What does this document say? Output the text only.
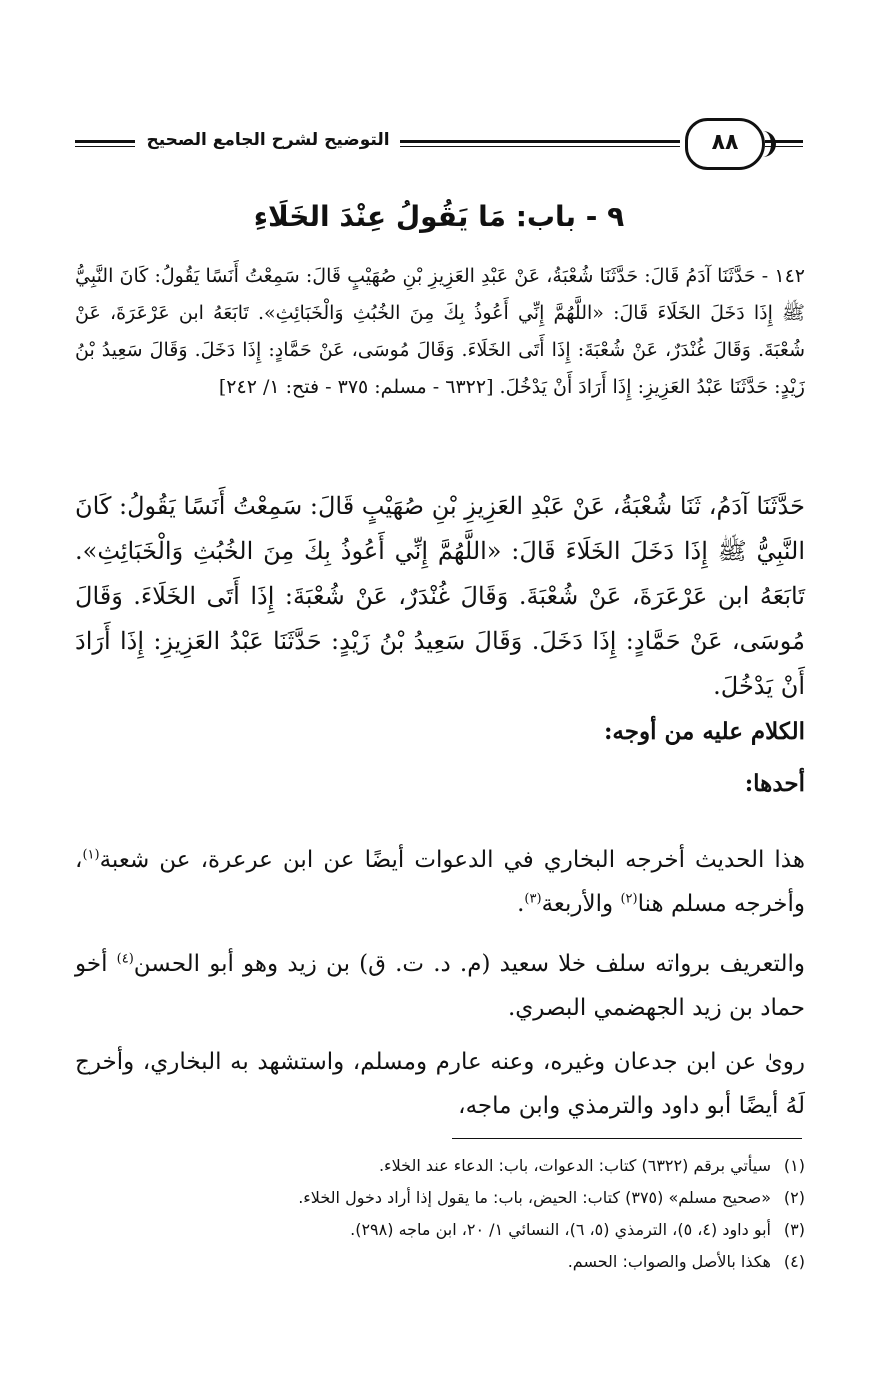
التوضيح لشرح الجامع الصحيح	٨٨
٩ - باب: مَا يَقُولُ عِنْدَ الخَلَاءِ
١٤٢ - حَدَّثَنَا آدَمُ قَالَ: حَدَّثَنَا شُعْبَةُ، عَنْ عَبْدِ العَزِيزِ بْنِ صُهَيْبٍ قَالَ: سَمِعْتُ أَنَسًا يَقُولُ: كَانَ النَّبِيُّ ﷺ إِذَا دَخَلَ الخَلَاءَ قَالَ: «اللَّهُمَّ إِنِّي أَعُوذُ بِكَ مِنَ الخُبُثِ وَالْخَبَائِثِ». تَابَعَهُ ابن عَرْعَرَةَ، عَنْ شُعْبَةَ. وَقَالَ غُنْدَرٌ، عَنْ شُعْبَةَ: إِذَا أَتَى الخَلَاءَ. وَقَالَ مُوسَى، عَنْ حَمَّادٍ: إِذَا دَخَلَ. وَقَالَ سَعِيدُ بْنُ زَيْدٍ: حَدَّثَنَا عَبْدُ العَزِيزِ: إِذَا أَرَادَ أَنْ يَدْخُلَ. [٦٣٢٢ - مسلم: ٣٧٥ - فتح: ١/ ٢٤٢]
حَدَّثَنَا آدَمُ، ثَنَا شُعْبَةُ، عَنْ عَبْدِ العَزِيزِ بْنِ صُهَيْبٍ قَالَ: سَمِعْتُ أَنَسًا يَقُولُ: كَانَ النَّبِيُّ ﷺ إِذَا دَخَلَ الخَلَاءَ قَالَ: «اللَّهُمَّ إِنِّي أَعُوذُ بِكَ مِنَ الخُبُثِ وَالْخَبَائِثِ». تَابَعَهُ ابن عَرْعَرَةَ، عَنْ شُعْبَةَ. وَقَالَ غُنْدَرٌ، عَنْ شُعْبَةَ: إِذَا أَتَى الخَلَاءَ. وَقَالَ مُوسَى، عَنْ حَمَّادٍ: إِذَا دَخَلَ. وَقَالَ سَعِيدُ بْنُ زَيْدٍ: حَدَّثَنَا عَبْدُ العَزِيزِ: إِذَا أَرَادَ أَنْ يَدْخُلَ.
الكلام عليه من أوجه:
أحدها:
هذا الحديث أخرجه البخاري في الدعوات أيضًا عن ابن عرعرة، عن شعبة$^{(١)}$، وأخرجه مسلم هنا$^{(٢)}$ والأربعة$^{(٣)}$.
والتعريف برواته سلف خلا سعيد (م. د. ت. ق) بن زيد وهو أبو الحسن$^{(٤)}$ أخو حماد بن زيد الجهضمي البصري.
روىٰ عن ابن جدعان وغيره، وعنه عارم ومسلم، واستشهد به البخاري، وأخرج لَهُ أيضًا أبو داود والترمذي وابن ماجه،
(١)سيأتي برقم (٦٣٢٢) كتاب: الدعوات، باب: الدعاء عند الخلاء.
(٢)«صحيح مسلم» (٣٧٥) كتاب: الحيض، باب: ما يقول إذا أراد دخول الخلاء.
(٣)أبو داود (٤، ٥)، الترمذي (٥، ٦)، النسائي ١/ ٢٠، ابن ماجه (٢٩٨).
(٤)هكذا بالأصل والصواب: الحسم.
